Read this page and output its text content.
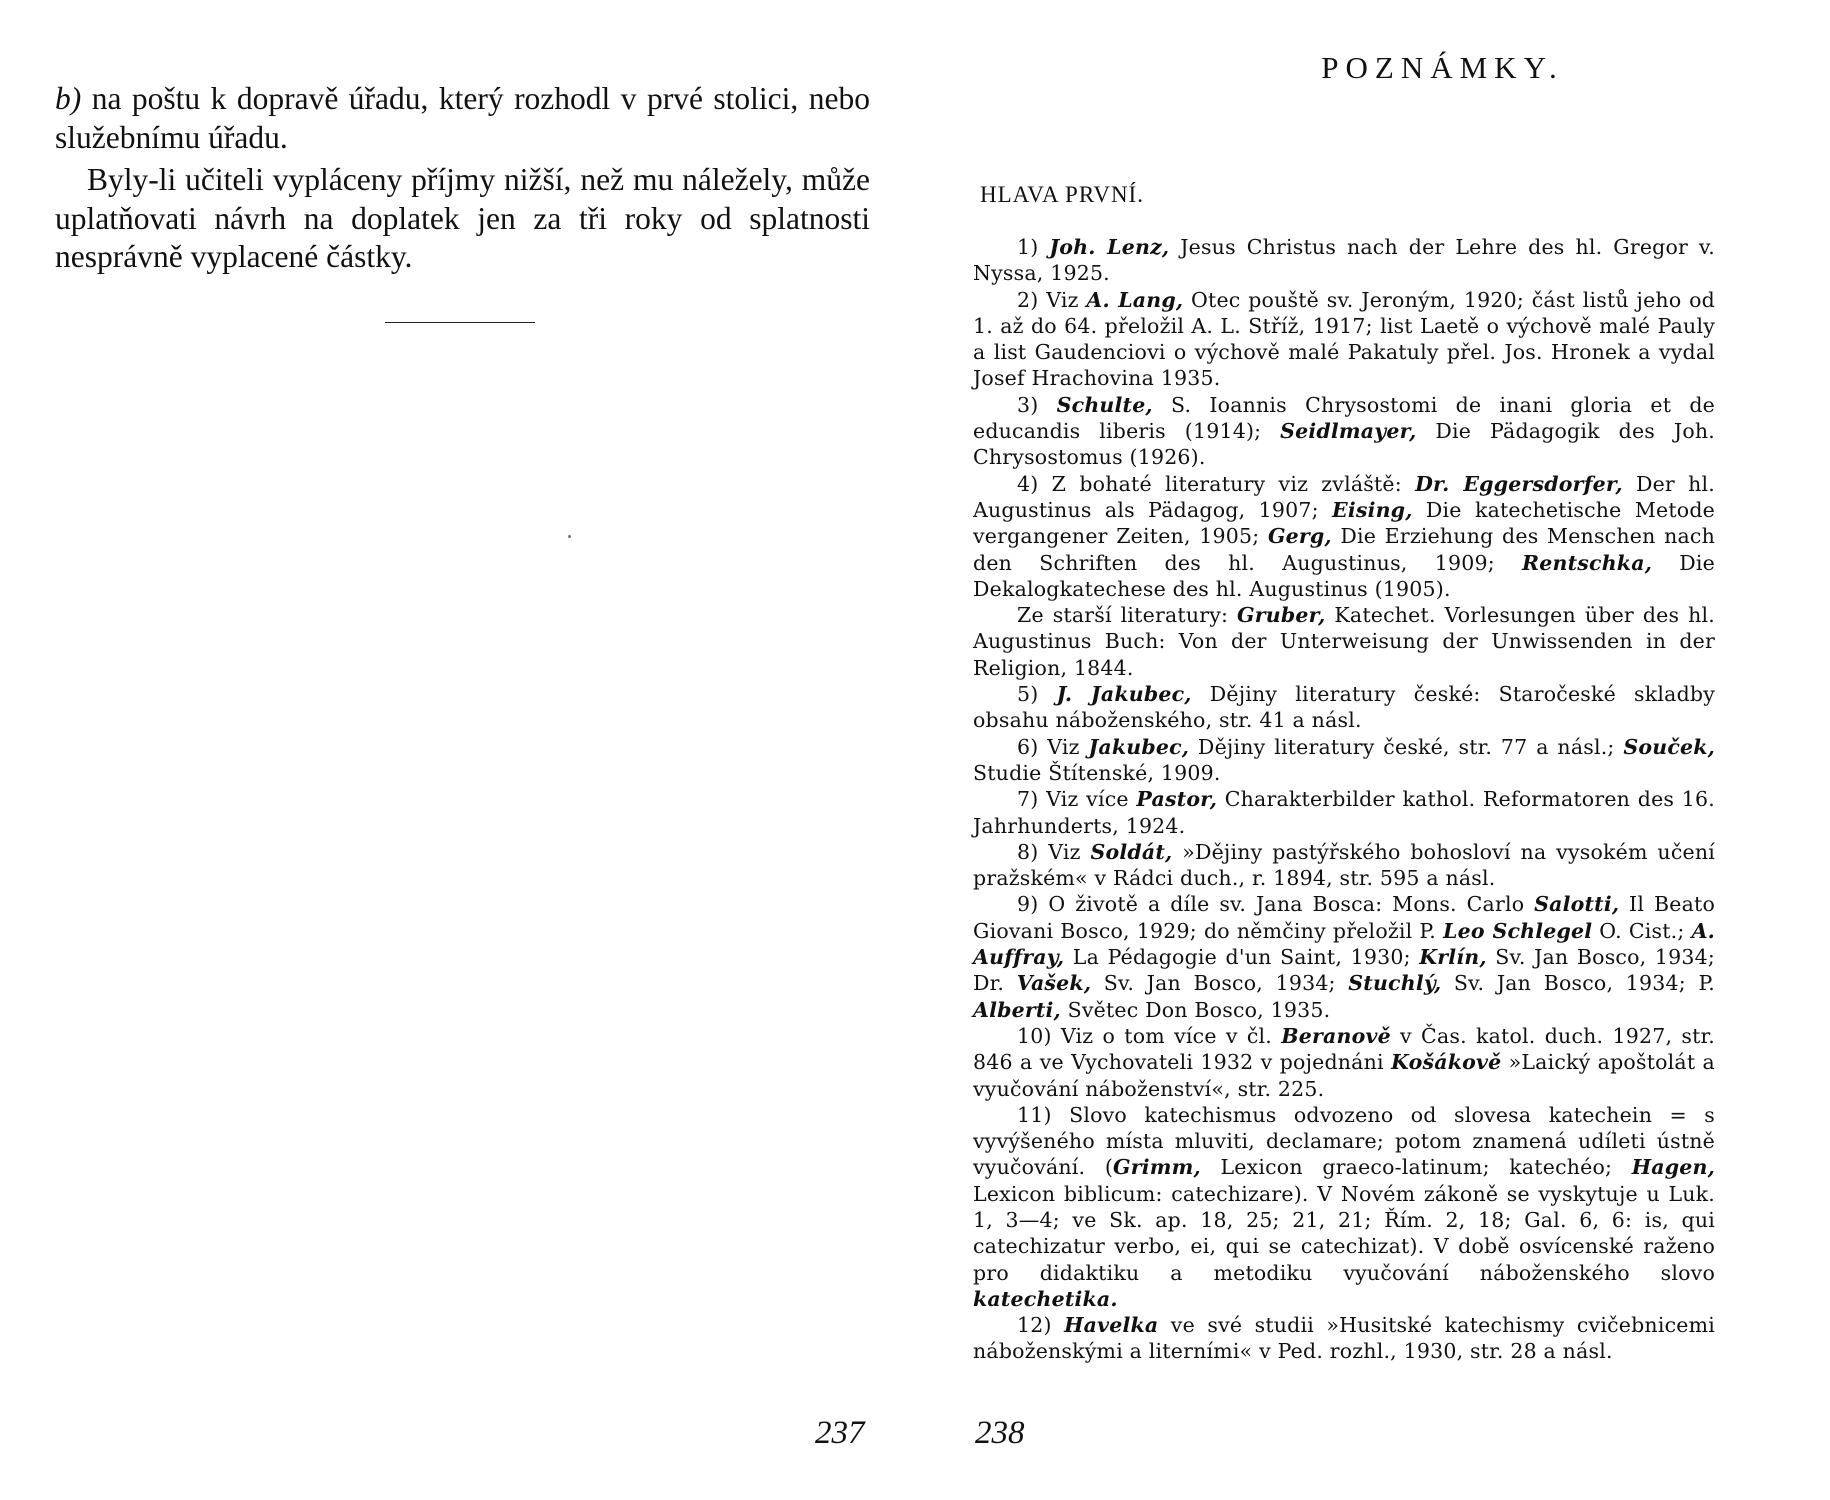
b) na poštu k dopravě úřadu, který rozhodl v prvé stolici, nebo služebnímu úřadu.

Byly-li učiteli vypláceny příjmy nižší, než mu náležely, může uplatňovati návrh na doplatek jen za tři roky od splatnosti nesprávně vyplacené částky.

237
POZNÁMKY.
HLAVA PRVNÍ.

1) Joh. Lenz, Jesus Christus nach der Lehre des hl. Gregor v. Nyssa, 1925.

2) Viz A. Lang, Otec pouště sv. Jeroným, 1920; část listů jeho od 1. až do 64. přeložil A. L. Stříž, 1917; list Laetě o výchově malé Pauly a list Gaudenciovi o výchově malé Pakatuly přel. Jos. Hronek a vydal Josef Hrachovina 1935.

3) Schulte, S. Ioannis Chrysostomi de inani gloria et de educandis liberis (1914); Seidlmayer, Die Pädagogik des Joh. Chrysostomus (1926).

4) Z bohaté literatury viz zvláště: Dr. Eggersdorfer, Der hl. Augustinus als Pädagog, 1907; Eising, Die katechetische Metode vergangener Zeiten, 1905; Gerg, Die Erziehung des Menschen nach den Schriften des hl. Augustinus, 1909; Rentschka, Die Dekalogkatechese des hl. Augustinus (1905).

Ze starší literatury: Gruber, Katechet. Vorlesungen über des hl. Augustinus Buch: Von der Unterweisung der Unwissenden in der Religion, 1844.

5) J. Jakubec, Dějiny literatury české: Staročeské skladby obsahu náboženského, str. 41 a násl.

6) Viz Jakubec, Dějiny literatury české, str. 77 a násl.; Souček, Studie Štítenské, 1909.

7) Viz více Pastor, Charakterbilder kathol. Reformatoren des 16. Jahrhunderts, 1924.

8) Viz Soldát, »Dějiny pastýřského bohosloví na vysokém učení pražském« v Rádci duch., r. 1894, str. 595 a násl.

9) O životě a díle sv. Jana Bosca: Mons. Carlo Salotti, Il Beato Giovani Bosco, 1929; do němčiny přeložil P. Leo Schlegel O. Cist.; A. Auffray, La Pédagogie d'un Saint, 1930; Krlín, Sv. Jan Bosco, 1934; Dr. Vašek, Sv. Jan Bosco, 1934; Stuchlý, Sv. Jan Bosco, 1934; P. Alberti, Světec Don Bosco, 1935.

10) Viz o tom více v čl. Beranově v Čas. katol. duch. 1927, str. 846 a ve Vychovateli 1932 v pojednáni Košákově »Laický apoštolát a vyučování náboženství«, str. 225.

11) Slovo katechismus odvozeno od slovesa katechein = s vyvýšeného místa mluviti, declamare; potom znamená udíleti ústně vyučování. (Grimm, Lexicon graeco-latinum; katechéo; Hagen, Lexicon biblicum: catechizare). V Novém zákoně se vyskytuje u Luk. 1, 3—4; ve Sk. ap. 18, 25; 21, 21; Řím. 2, 18; Gal. 6, 6: is, qui catechizatur verbo, ei, qui se catechizat). V době osvícenské raženo pro didaktiku a metodiku vyučování náboženského slovo katechetika.

12) Havelka ve své studii »Husitské katechismy cvičebnicemi náboženskými a literními« v Ped. rozhl., 1930, str. 28 a násl.

238
